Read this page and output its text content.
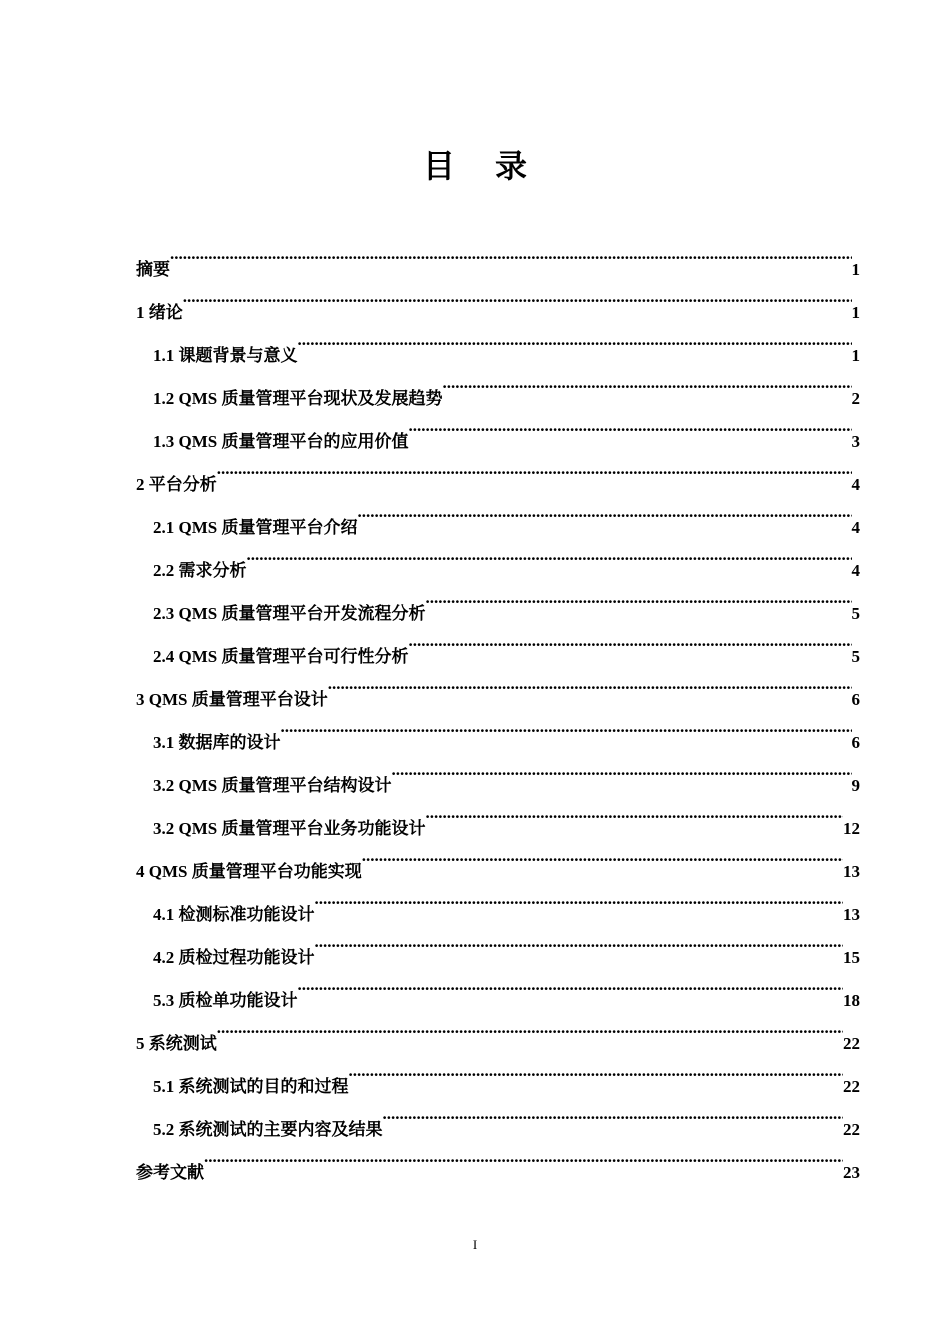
目录
摘要 .....	1
1 绪论 .....	1
1.1 课题背景与意义 .....	1
1.2 QMS 质量管理平台现状及发展趋势 .....	2
1.3 QMS 质量管理平台的应用价值 .....	3
2 平台分析 .....	4
2.1 QMS 质量管理平台介绍 .....	4
2.2 需求分析 .....	4
2.3 QMS 质量管理平台开发流程分析 .....	5
2.4 QMS 质量管理平台可行性分析 .....	5
3 QMS 质量管理平台设计 .....	6
3.1 数据库的设计 .....	6
3.2 QMS 质量管理平台结构设计 .....	9
3.2 QMS 质量管理平台业务功能设计 .....	12
4 QMS 质量管理平台功能实现 .....	13
4.1 检测标准功能设计 .....	13
4.2 质检过程功能设计 .....	15
5.3 质检单功能设计 .....	18
5 系统测试 .....	22
5.1 系统测试的目的和过程 .....	22
5.2 系统测试的主要内容及结果 .....	22
参考文献 .....	23
I
